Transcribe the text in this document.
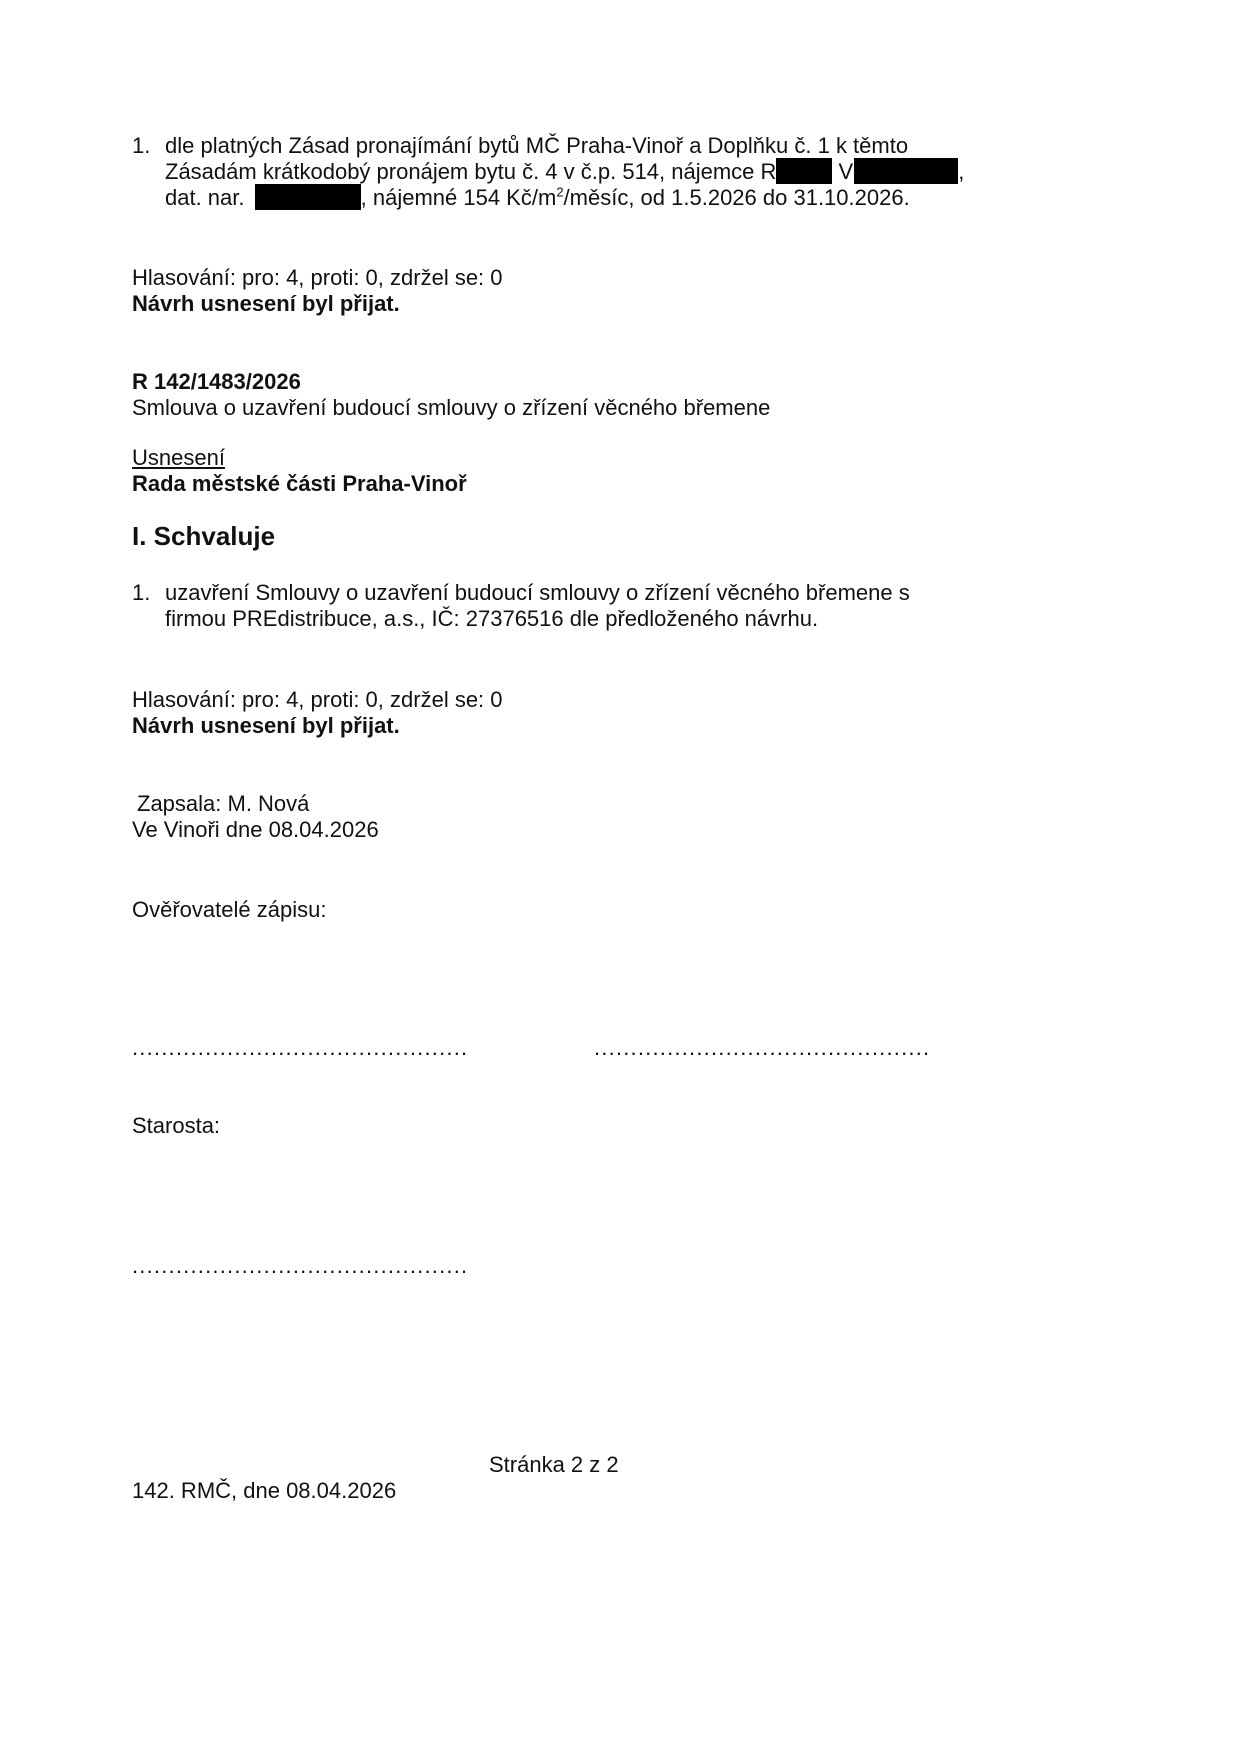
1. dle platných Zásad pronajímání bytů MČ Praha-Vinoř a Doplňku č. 1 k těmto
Zásadám krátkodobý pronájem bytu č. 4 v č.p. 514, nájemce R	V	,
dat. nar.	, nájemné 154 $Kč/m^2$/měsíc, od 1.5.2026 do 31.10.2026.
Hlasování: pro: 4, proti: 0, zdržel se: 0
Návrh usnesení byl přijat.
R 142/1483/2026
Smlouva o uzavření budoucí smlouvy o zřízení věcného břemene
Usnesení
Rada městské části Praha-Vinoř
I. Schvaluje
1. uzavření Smlouvy o uzavření budoucí smlouvy o zřízení věcného břemene s
firmou PREdistribuce, a.s., IČ: 27376516 dle předloženého návrhu.
Hlasování: pro: 4, proti: 0, zdržel se: 0
Návrh usnesení byl přijat.
Zapsala: M. Nová
Ve Vinoři dne 08.04.2026
Ověřovatelé zápisu:
..............................................	..............................................
Starosta:
..............................................
Stránka 2 z 2
142. RMČ, dne 08.04.2026
